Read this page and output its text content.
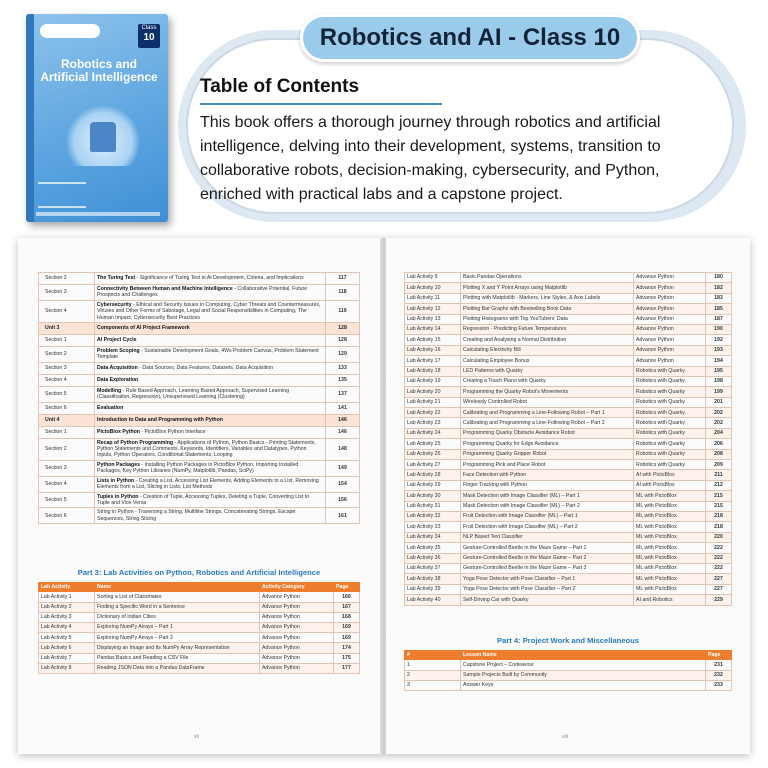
Class
10
Robotics and Artificial Intelligence
Robotics and AI - Class 10
Table of Contents
This book offers a thorough journey through robotics and artificial intelligence, delving into their development, systems, transition to collaborative robots, decision-making, cybersecurity, and Python, enriched with practical labs and a capstone project.
Section 2	The Turing Test - Significance of Turing Test in AI Development, Criteria, and Implications	117
Section 3	Connectivity Between Human and Machine Intelligence - Collaborative Potential, Future Prospects and Challenges	118
Section 4	Cybersecurity - Ethical and Security Issues in Computing, Cyber Threats and Countermeasures, Viruses and Other Forms of Sabotage, Legal and Social Responsibilities in Computing, The Human Impact, Cybersecurity Best Practices	119
Unit 3	Components of AI Project Framework	128
Section 1	AI Project Cycle	128
Section 2	Problem Scoping - Sustainable Development Goals, 4Ws Problem Canvas, Problem Statement Template	129
Section 3	Data Acquisition - Data Sources, Data Features, Datasets, Data Acquisition	133
Section 4	Data Exploration	135
Section 5	Modelling - Rule Based Approach, Learning Based Approach, Supervised Learning (Classification, Regression), Unsupervised Learning (Clustering)	137
Section 6	Evaluation	141
Unit 4	Introduction to Data and Programming with Python	146
Section 1	PictoBlox Python - PictoBlox Python Interface	146
Section 2	Recap of Python Programming - Applications of Python, Python Basics - Printing Statements, Python Statements and Comments, Keywords, Identifiers, Variables and Datatypes, Python Inputs, Python Operators, Conditional Statements, Looping	148
Section 3	Python Packages - Installing Python Packages in PictoBlox Python, Importing Installed Packages, Key Python Libraries (NumPy, Matplotlib, Pandas, SciPy)	149
Section 4	Lists in Python - Creating a List, Accessing List Elements, Adding Elements to a List, Removing Elements from a List, Slicing in Lists, List Methods	154
Section 5	Tuples in Python - Creation of Tuple, Accessing Tuples, Deleting a Tuple, Converting List to Tuple and Vice-Versa	156
Section 6	String in Python - Traversing a String, Multiline Strings, Concatenating Strings, Escape Sequences, String Slicing	161
Part 3: Lab Activities on Python, Robotics and Artificial Intelligence
Lab Activity	Name	Activity Category	Page
Lab Activity 1	Sorting a List of Classmates	Advance Python	166
Lab Activity 2	Finding a Specific Word in a Sentence	Advance Python	167
Lab Activity 3	Dictionary of Indian Cities	Advance Python	168
Lab Activity 4	Exploring NumPy Arrays – Part 1	Advance Python	169
Lab Activity 5	Exploring NumPy Arrays – Part 2	Advance Python	169
Lab Activity 6	Displaying an Image and Its NumPy Array Representation	Advance Python	174
Lab Activity 7	Pandas Basics and Reading a CSV File	Advance Python	175
Lab Activity 8	Reading JSON Data into a Pandas DataFrame	Advance Python	177
vii
Lab Activity 9	Basic Pandas Operations	Advance Python	180
Lab Activity 10	Plotting X and Y Point Arrays using Matplotlib	Advance Python	182
Lab Activity 11	Plotting with Matplotlib - Markers, Line Styles, & Axis Labels	Advance Python	183
Lab Activity 12	Plotting Bar Graphs with Bestselling Book Data	Advance Python	185
Lab Activity 13	Plotting Histograms with Top YouTubers' Data	Advance Python	187
Lab Activity 14	Regression - Predicting Future Temperatures	Advance Python	190
Lab Activity 15	Creating and Analysing a Normal Distribution	Advance Python	192
Lab Activity 16	Calculating Electricity Bill	Advance Python	193
Lab Activity 17	Calculating Employee Bonus	Advance Python	194
Lab Activity 18	LED Patterns with Quarky	Robotics with Quarky	195
Lab Activity 19	Creating a Touch Piano with Quarky	Robotics with Quarky	198
Lab Activity 20	Programming the Quarky Robot's Movements	Robotics with Quarky	199
Lab Activity 21	Wirelessly Controlled Robot	Robotics with Quarky	201
Lab Activity 22	Calibrating and Programming a Line-Following Robot – Part 1	Robotics with Quarky	202
Lab Activity 23	Calibrating and Programming a Line-Following Robot – Part 2	Robotics with Quarky	202
Lab Activity 24	Programming Quarky Obstacle Avoidance Robot	Robotics with Quarky	204
Lab Activity 25	Programming Quarky for Edge Avoidance	Robotics with Quarky	206
Lab Activity 26	Programming Quarky Gripper Robot	Robotics with Quarky	208
Lab Activity 27	Programming Pick and Place Robot	Robotics with Quarky	209
Lab Activity 28	Face Detection with Python	AI with PictoBlox	211
Lab Activity 29	Finger Tracking with Python	AI with PictoBlox	212
Lab Activity 30	Mask Detection with Image Classifier (ML) – Part 1	ML with PictoBlox	215
Lab Activity 31	Mask Detection with Image Classifier (ML) – Part 2	ML with PictoBlox	215
Lab Activity 32	Fruit Detection with Image Classifier (ML) – Part 1	ML with PictoBlox	218
Lab Activity 33	Fruit Detection with Image Classifier (ML) – Part 2	ML with PictoBlox	218
Lab Activity 34	NLP Based Text Classifier	ML with PictoBlox	220
Lab Activity 35	Gesture-Controlled Beetle in the Maze Game – Part 1	ML with PictoBlox	222
Lab Activity 36	Gesture-Controlled Beetle in the Maze Game – Part 2	ML with PictoBlox	222
Lab Activity 37	Gesture-Controlled Beetle in the Maze Game – Part 3	ML with PictoBlox	222
Lab Activity 38	Yoga Pose Detector with Pose Classifier – Part 1	ML with PictoBlox	227
Lab Activity 39	Yoga Pose Detector with Pose Classifier – Part 2	ML with PictoBlox	227
Lab Activity 40	Self-Driving Car with Quarky	AI and Robotics	229
Part 4: Project Work and Miscellaneous
#	Lesson Name	Page
1	Capstone Project – Codeavour	231
2	Sample Projects Built by Community	232
3	Answer Keys	233
viii
